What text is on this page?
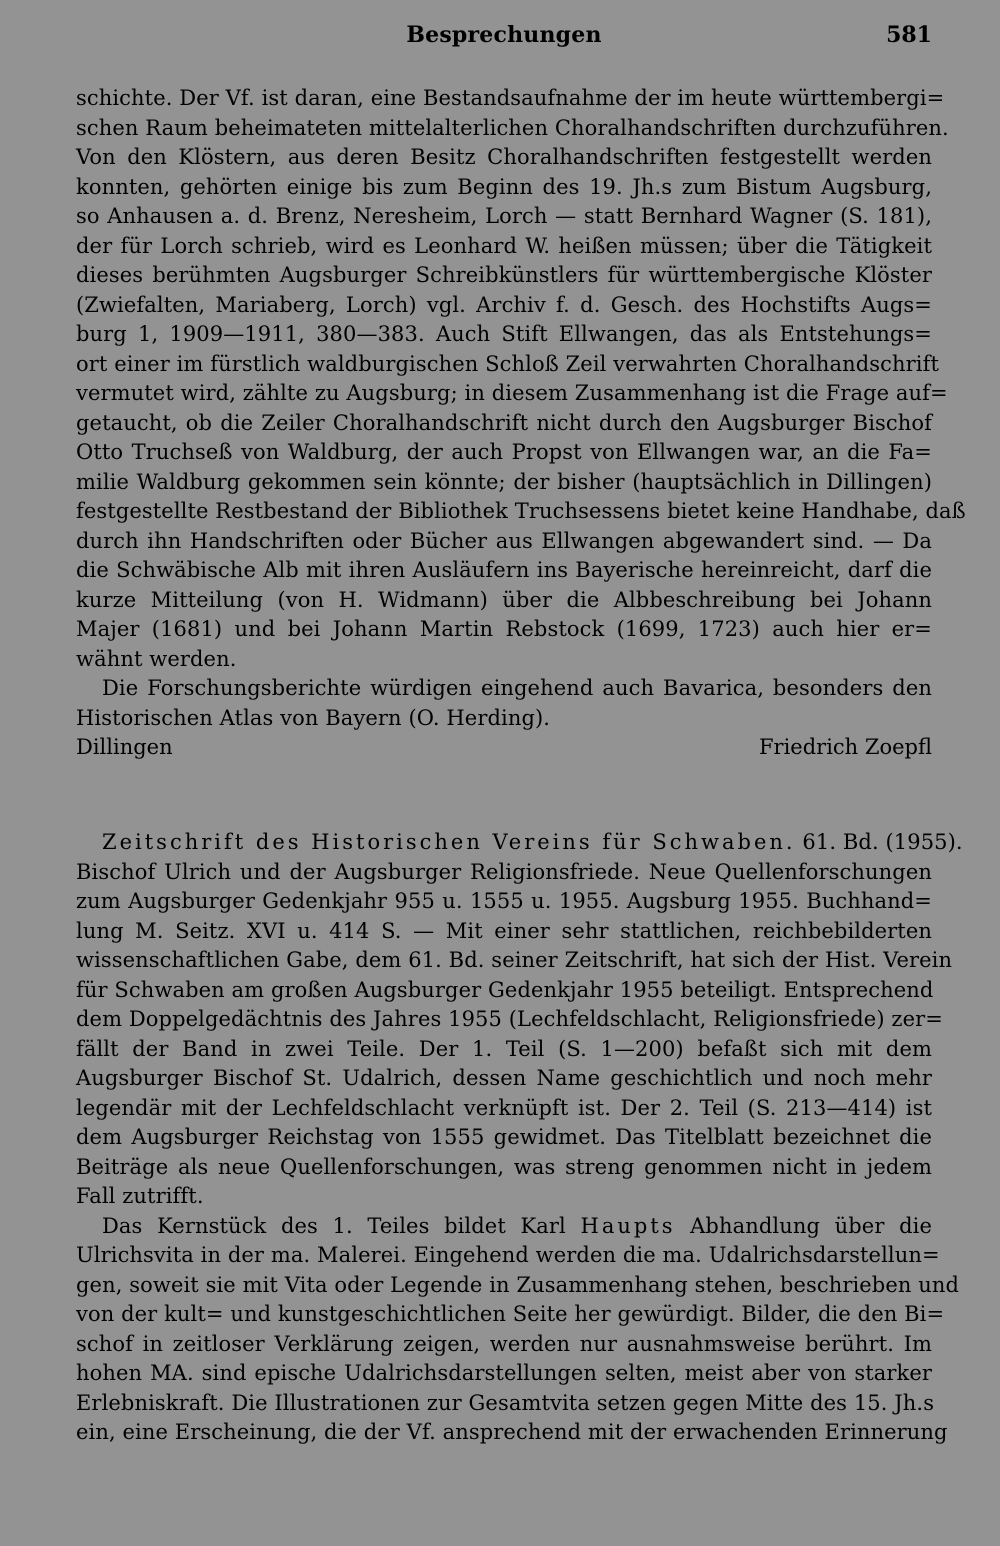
Besprechungen	581
schichte. Der Vf. ist daran, eine Bestandsaufnahme der im heute württembergi=
schen Raum beheimateten mittelalterlichen Choralhandschriften durchzuführen.
Von den Klöstern, aus deren Besitz Choralhandschriften festgestellt werden
konnten, gehörten einige bis zum Beginn des 19. Jh.s zum Bistum Augsburg,
so Anhausen a. d. Brenz, Neresheim, Lorch — statt Bernhard Wagner (S. 181),
der für Lorch schrieb, wird es Leonhard W. heißen müssen; über die Tätigkeit
dieses berühmten Augsburger Schreibkünstlers für württembergische Klöster
(Zwiefalten, Mariaberg, Lorch) vgl. Archiv f. d. Gesch. des Hochstifts Augs=
burg 1, 1909—1911, 380—383. Auch Stift Ellwangen, das als Entstehungs=
ort einer im fürstlich waldburgischen Schloß Zeil verwahrten Choralhandschrift
vermutet wird, zählte zu Augsburg; in diesem Zusammenhang ist die Frage auf=
getaucht, ob die Zeiler Choralhandschrift nicht durch den Augsburger Bischof
Otto Truchseß von Waldburg, der auch Propst von Ellwangen war, an die Fa=
milie Waldburg gekommen sein könnte; der bisher (hauptsächlich in Dillingen)
festgestellte Restbestand der Bibliothek Truchsessens bietet keine Handhabe, daß
durch ihn Handschriften oder Bücher aus Ellwangen abgewandert sind. — Da
die Schwäbische Alb mit ihren Ausläufern ins Bayerische hereinreicht, darf die
kurze Mitteilung (von H. Widmann) über die Albbeschreibung bei Johann
Majer (1681) und bei Johann Martin Rebstock (1699, 1723) auch hier er=
wähnt werden.
Die Forschungsberichte würdigen eingehend auch Bavarica, besonders den
Historischen Atlas von Bayern (O. Herding).
Dillingen	Friedrich Zoepfl
Zeitschrift des Historischen Vereins für Schwaben. 61. Bd. (1955).
Bischof Ulrich und der Augsburger Religionsfriede. Neue Quellenforschungen
zum Augsburger Gedenkjahr 955 u. 1555 u. 1955. Augsburg 1955. Buchhand=
lung M. Seitz. XVI u. 414 S. — Mit einer sehr stattlichen, reichbebilderten
wissenschaftlichen Gabe, dem 61. Bd. seiner Zeitschrift, hat sich der Hist. Verein
für Schwaben am großen Augsburger Gedenkjahr 1955 beteiligt. Entsprechend
dem Doppelgedächtnis des Jahres 1955 (Lechfeldschlacht, Religionsfriede) zer=
fällt der Band in zwei Teile. Der 1. Teil (S. 1—200) befaßt sich mit dem
Augsburger Bischof St. Udalrich, dessen Name geschichtlich und noch mehr
legendär mit der Lechfeldschlacht verknüpft ist. Der 2. Teil (S. 213—414) ist
dem Augsburger Reichstag von 1555 gewidmet. Das Titelblatt bezeichnet die
Beiträge als neue Quellenforschungen, was streng genommen nicht in jedem
Fall zutrifft.
Das Kernstück des 1. Teiles bildet Karl Haupts Abhandlung über die
Ulrichsvita in der ma. Malerei. Eingehend werden die ma. Udalrichsdarstellun=
gen, soweit sie mit Vita oder Legende in Zusammenhang stehen, beschrieben und
von der kult= und kunstgeschichtlichen Seite her gewürdigt. Bilder, die den Bi=
schof in zeitloser Verklärung zeigen, werden nur ausnahmsweise berührt. Im
hohen MA. sind epische Udalrichsdarstellungen selten, meist aber von starker
Erlebniskraft. Die Illustrationen zur Gesamtvita setzen gegen Mitte des 15. Jh.s
ein, eine Erscheinung, die der Vf. ansprechend mit der erwachenden Erinnerung
